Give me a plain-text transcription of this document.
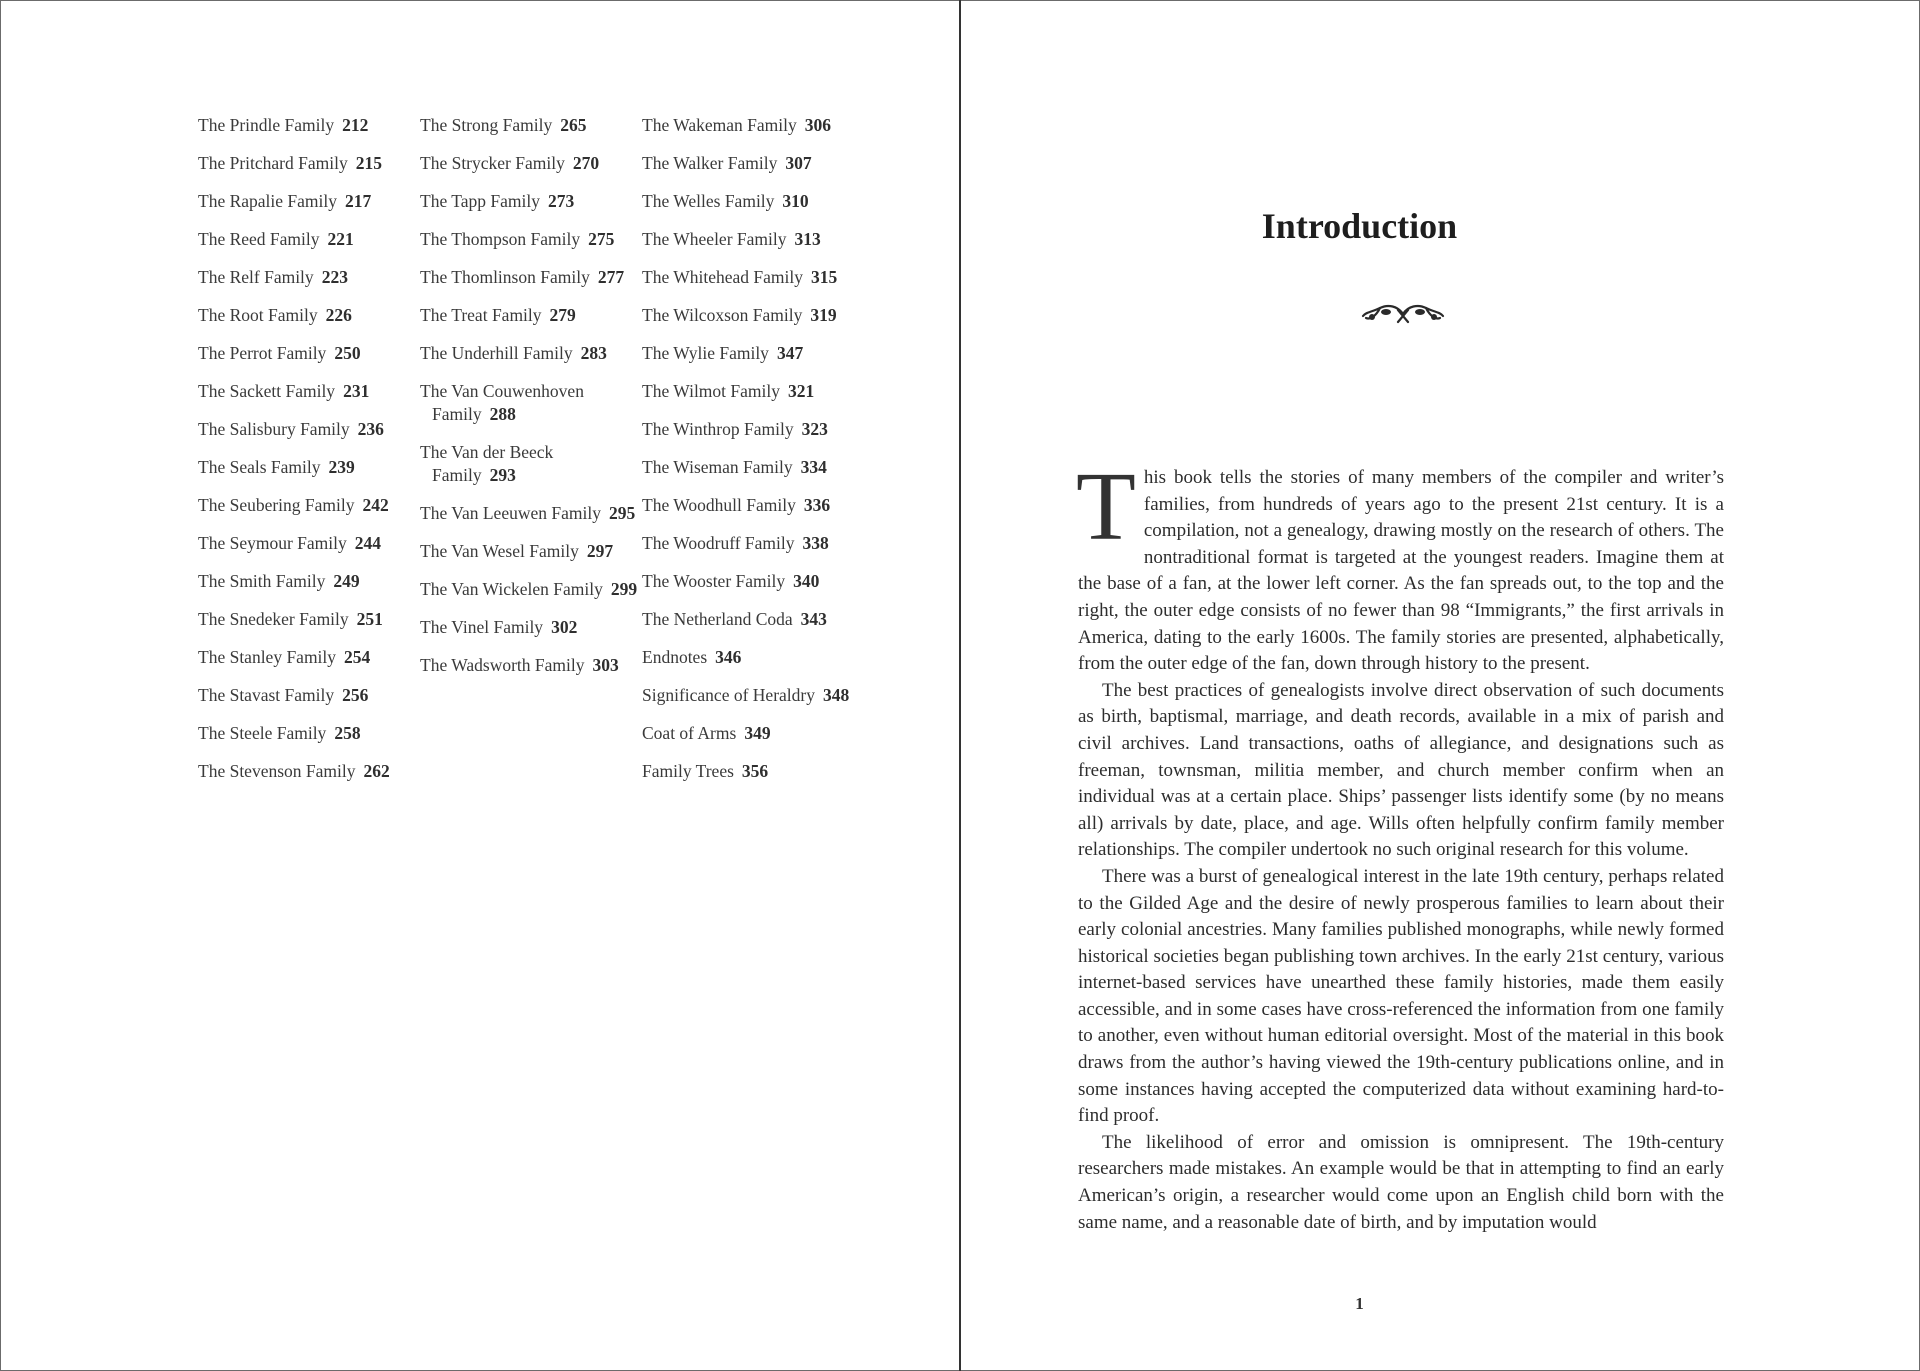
The Prindle Family 212
The Pritchard Family 215
The Rapalie Family 217
The Reed Family 221
The Relf Family 223
The Root Family 226
The Perrot Family 250
The Sackett Family 231
The Salisbury Family 236
The Seals Family 239
The Seubering Family 242
The Seymour Family 244
The Smith Family 249
The Snedeker Family 251
The Stanley Family 254
The Stavast Family 256
The Steele Family 258
The Stevenson Family 262
The Strong Family 265
The Strycker Family 270
The Tapp Family 273
The Thompson Family 275
The Thomlinson Family 277
The Treat Family 279
The Underhill Family 283
The Van Couwenhoven Family 288
The Van der Beeck Family 293
The Van Leeuwen Family 295
The Van Wesel Family 297
The Van Wickelen Family 299
The Vinel Family 302
The Wadsworth Family 303
The Wakeman Family 306
The Walker Family 307
The Welles Family 310
The Wheeler Family 313
The Whitehead Family 315
The Wilcoxson Family 319
The Wylie Family 347
The Wilmot Family 321
The Winthrop Family 323
The Wiseman Family 334
The Woodhull Family 336
The Woodruff Family 338
The Wooster Family 340
The Netherland Coda 343
Endnotes 346
Significance of Heraldry 348
Coat of Arms 349
Family Trees 356
Introduction

This book tells the stories of many members of the compiler and writer’s families, from hundreds of years ago to the present 21st century. It is a compilation, not a genealogy, drawing mostly on the research of others. The nontraditional format is targeted at the youngest readers. Imagine them at the base of a fan, at the lower left corner. As the fan spreads out, to the top and the right, the outer edge consists of no fewer than 98 “Immigrants,” the first arrivals in America, dating to the early 1600s. The family stories are presented, alphabetically, from the outer edge of the fan, down through history to the present.

The best practices of genealogists involve direct observation of such documents as birth, baptismal, marriage, and death records, available in a mix of parish and civil archives. Land transactions, oaths of allegiance, and designations such as freeman, townsman, militia member, and church member confirm when an individual was at a certain place. Ships’ passenger lists identify some (by no means all) arrivals by date, place, and age. Wills often helpfully confirm family member relationships. The compiler undertook no such original research for this volume.

There was a burst of genealogical interest in the late 19th century, perhaps related to the Gilded Age and the desire of newly prosperous families to learn about their early colonial ancestries. Many families published monographs, while newly formed historical societies began publishing town archives. In the early 21st century, various internet-based services have unearthed these family histories, made them easily accessible, and in some cases have cross-referenced the information from one family to another, even without human editorial oversight. Most of the material in this book draws from the author’s having viewed the 19th-century publications online, and in some instances having accepted the computerized data without examining hard-to-find proof.

The likelihood of error and omission is omnipresent. The 19th-century researchers made mistakes. An example would be that in attempting to find an early American’s origin, a researcher would come upon an English child born with the same name, and a reasonable date of birth, and by imputation would

1
